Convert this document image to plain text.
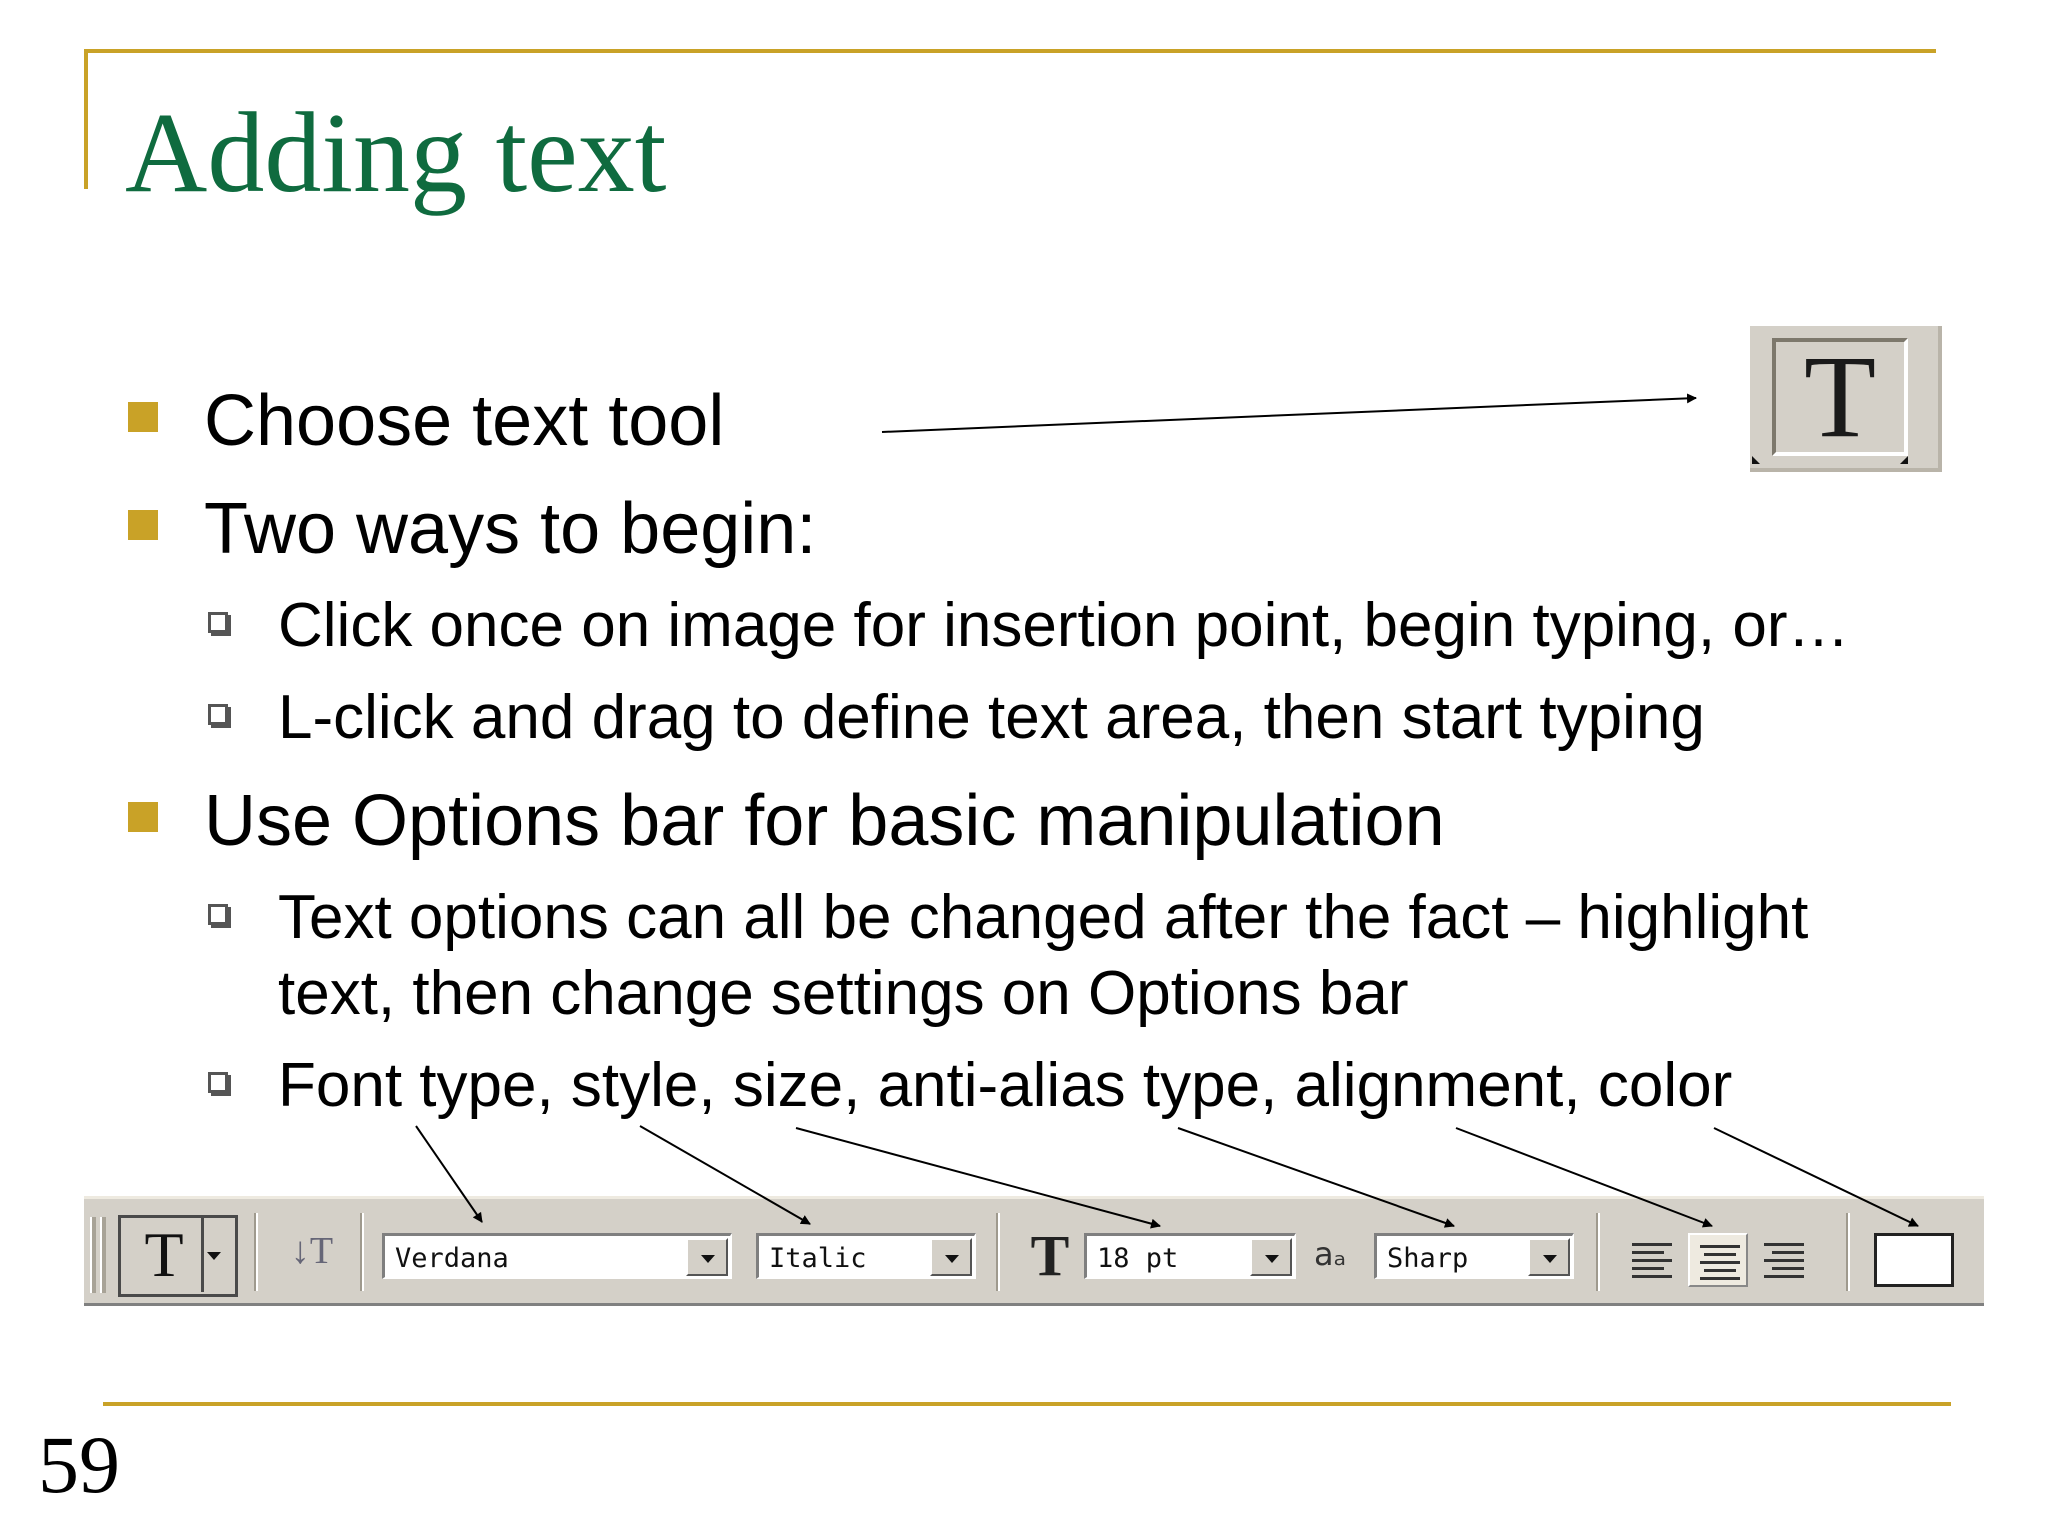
Adding text
Choose text tool	T
Two ways to begin:
Click once on image for insertion point, begin typing, or…
L-click and drag to define text area, then start typing
Use Options bar for basic manipulation
Text options can all be changed after the fact – highlight
text, then change settings on Options bar
Font type, style, size, anti-alias type, alignment, color
T	↓T	Verdana	Italic	T	18 pt	aₐ	Sharp
59
